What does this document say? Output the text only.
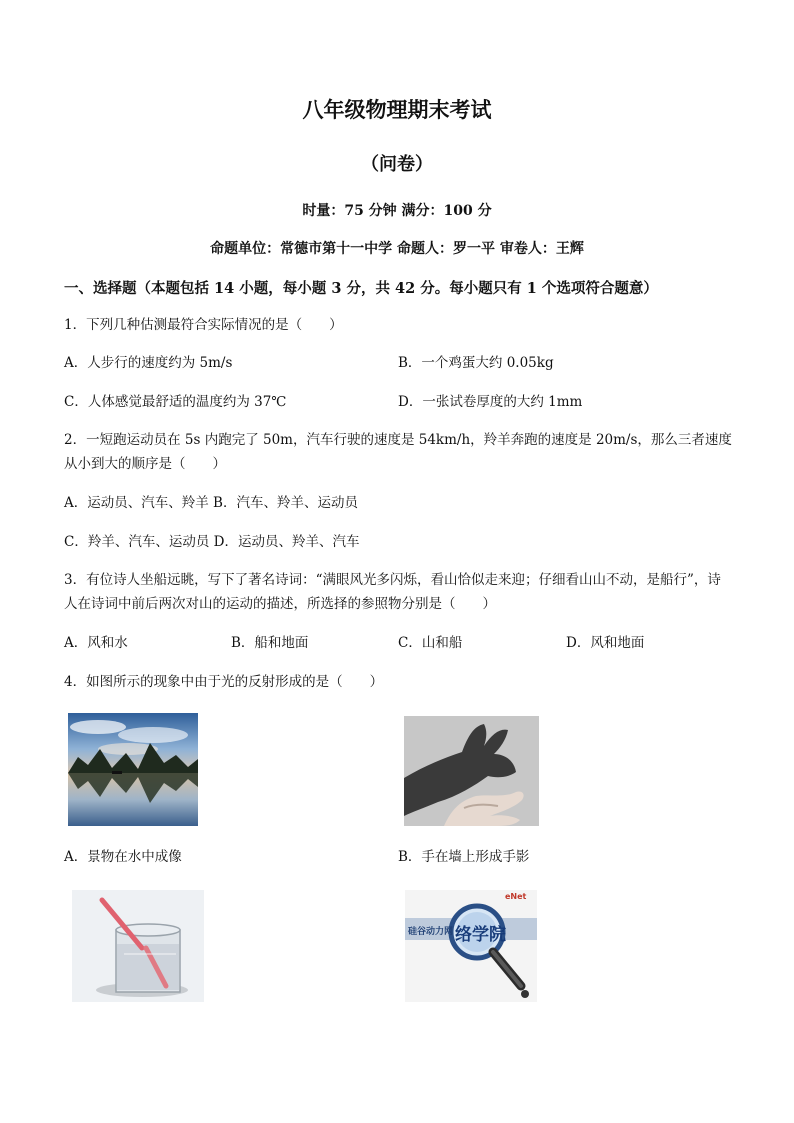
八年级物理期末考试
（问卷）
时量：75 分钟 满分：100 分
命题单位：常德市第十一中学 命题人：罗一平 审卷人：王辉
一、选择题（本题包括 14 小题，每小题 3 分，共 42 分。每小题只有 1 个选项符合题意）
1．下列几种估测最符合实际情况的是（　　）
A．人步行的速度约为 5m/s	B．一个鸡蛋大约 0.05kg
C．人体感觉最舒适的温度约为 37℃	D．一张试卷厚度的大约 1mm
2．一短跑运动员在 5s 内跑完了 50m，汽车行驶的速度是 54km/h，羚羊奔跑的速度是 20m/s，那么三者速度从小到大的顺序是（　　）
A．运动员、汽车、羚羊 B．汽车、羚羊、运动员
C．羚羊、汽车、运动员 D．运动员、羚羊、汽车
3．有位诗人坐船远眺，写下了著名诗词：“满眼风光多闪烁，看山恰似走来迎；仔细看山山不动，是船行”，诗人在诗词中前后两次对山的运动的描述，所选择的参照物分别是（　　）
A．风和水	B．船和地面	C．山和船	D．风和地面
4．如图所示的现象中由于光的反射形成的是（　　）
A．景物在水中成像	B．手在墙上形成手影
eNet
硅谷动力网 络学院
